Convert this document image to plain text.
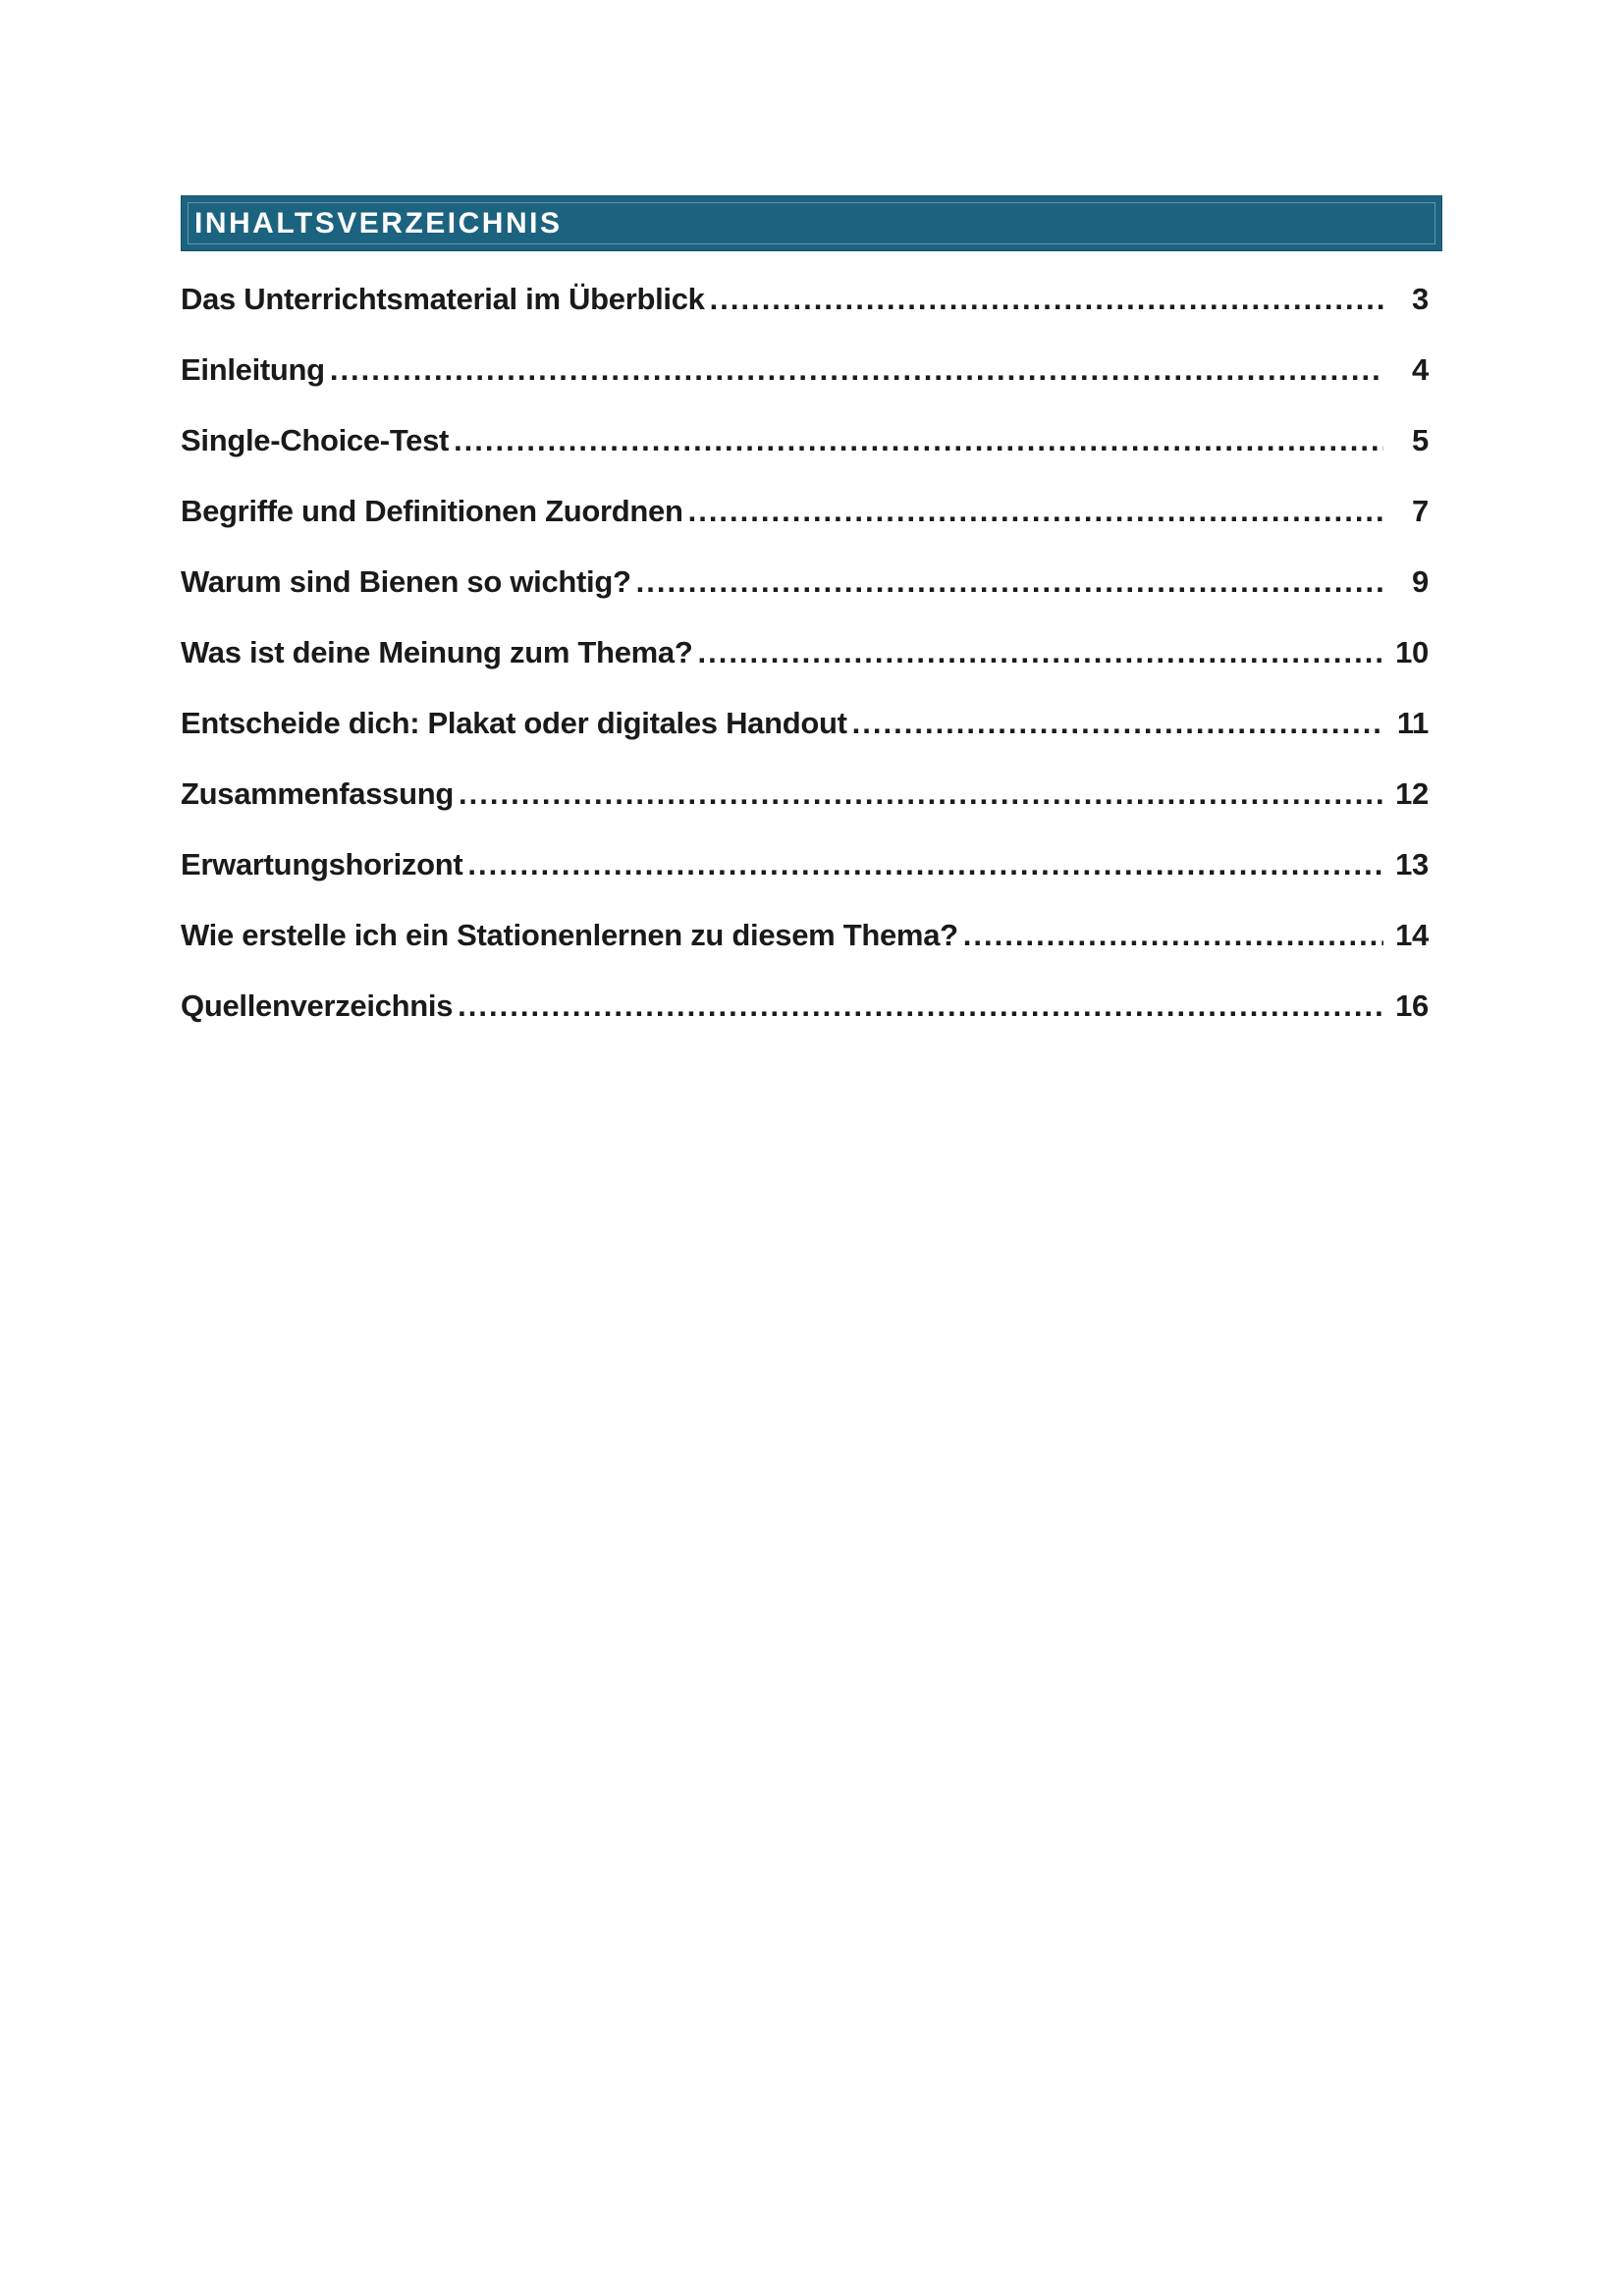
INHALTSVERZEICHNIS
Das Unterrichtsmaterial im Überblick .....	3
Einleitung .....	4
Single-Choice-Test .....	5
Begriffe und Definitionen Zuordnen .....	7
Warum sind Bienen so wichtig? .....	9
Was ist deine Meinung zum Thema? .....	10
Entscheide dich: Plakat oder digitales Handout .....	11
Zusammenfassung .....	12
Erwartungshorizont .....	13
Wie erstelle ich ein Stationenlernen zu diesem Thema? .....	14
Quellenverzeichnis .....	16
